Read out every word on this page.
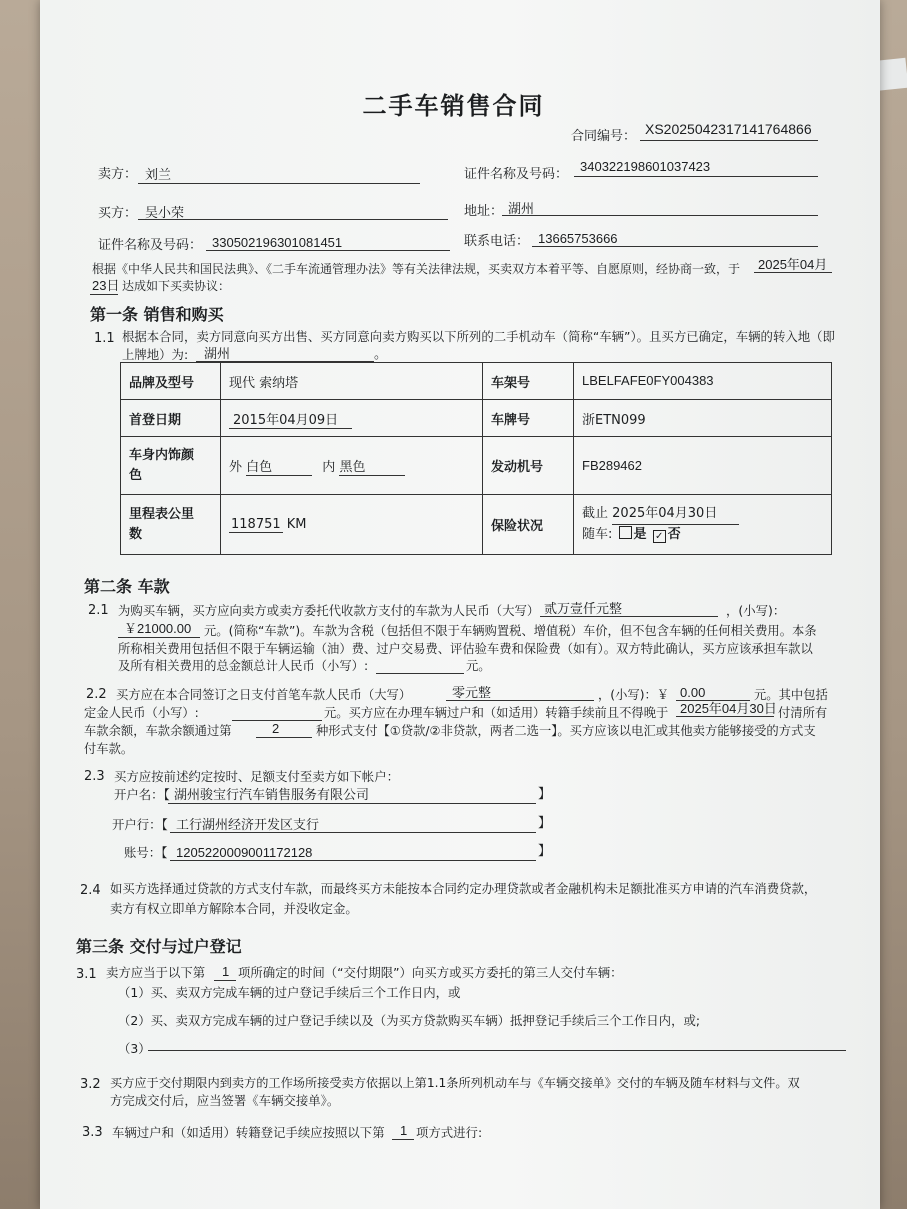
二手车销售合同
合同编号： XS2025042317141764866
卖方： 刘兰	证件名称及号码：
340322198601037423
买方： 吴小荣	地址： 湖州
证件名称及号码： 330502196301081451	联系电话： 13665753666
根据《中华人民共和国民法典》、《二手车流通管理办法》等有关法律法规，买卖双方本着平等、自愿原则，经协商一致，于 2025年04月
23日 达成如下买卖协议：
第一条 销售和购买
1.1 根据本合同，卖方同意向买方出售、买方同意向卖方购买以下所列的二手机动车（简称“车辆”）。且买方已确定，车辆的转入地（即
上牌地）为: 湖州	。
品牌及型号	现代 索纳塔	车架号	LBELFAFE0FY004383
首登日期	2015年04月09日	车牌号	浙ETN099
车身内饰颜
色	外 白色 内 黑色	发动机号	FB289462
里程表公里
数	118751 KM	保险状况	截止 2025年04月30日
随车: 是 ✓ 否
第二条 车款
2.1 为购买车辆，买方应向卖方或卖方委托代收款方支付的车款为人民币（大写） 贰万壹仟元整	，(小写)：
￥21000.00 元。(简称“车款”)。车款为含税（包括但不限于车辆购置税、增值税）车价，但不包含车辆的任何相关费用。本条
所称相关费用包括但不限于车辆运输（油）费、过户交易费、评估验车费和保险费（如有）。双方特此确认，买方应该承担车款以
及所有相关费用的总金额总计人民币（小写）:	元。
2.2 买方应在本合同签订之日支付首笔车款人民币（大写）	零元整	，(小写)：￥ 0.00	元。其中包括
定金人民币（小写）:	元。买方应在办理车辆过户和（如适用）转籍手续前且不得晚于 2025年04月30日 付清所有
车款余额，车款余额通过第	2	种形式支付【①贷款/②非贷款，两者二选一】。买方应该以电汇或其他卖方能够接受的方式支
付车款。
2.3 买方应按前述约定按时、足额支付至卖方如下帐户：
开户名：【 湖州骏宝行汽车销售服务有限公司	】
开户行：【 工行湖州经济开发区支行	】
账号：【 1205220009001172128	】
2.4 如买方选择通过贷款的方式支付车款，而最终买方未能按本合同约定办理贷款或者金融机构未足额批准买方申请的汽车消费贷款，
卖方有权立即单方解除本合同，并没收定金。
第三条 交付与过户登记
3.1 卖方应当于以下第 1 项所确定的时间（“交付期限”）向买方或买方委托的第三人交付车辆：
（1）买、卖双方完成车辆的过户登记手续后三个工作日内，或
（2）买、卖双方完成车辆的过户登记手续以及（为买方贷款购买车辆）抵押登记手续后三个工作日内，或;
（3）
3.2 买方应于交付期限内到卖方的工作场所接受卖方依据以上第1.1条所列机动车与《车辆交接单》交付的车辆及随车材料与文件。双
方完成交付后，应当签署《车辆交接单》。
3.3 车辆过户和（如适用）转籍登记手续应按照以下第 1 项方式进行:
